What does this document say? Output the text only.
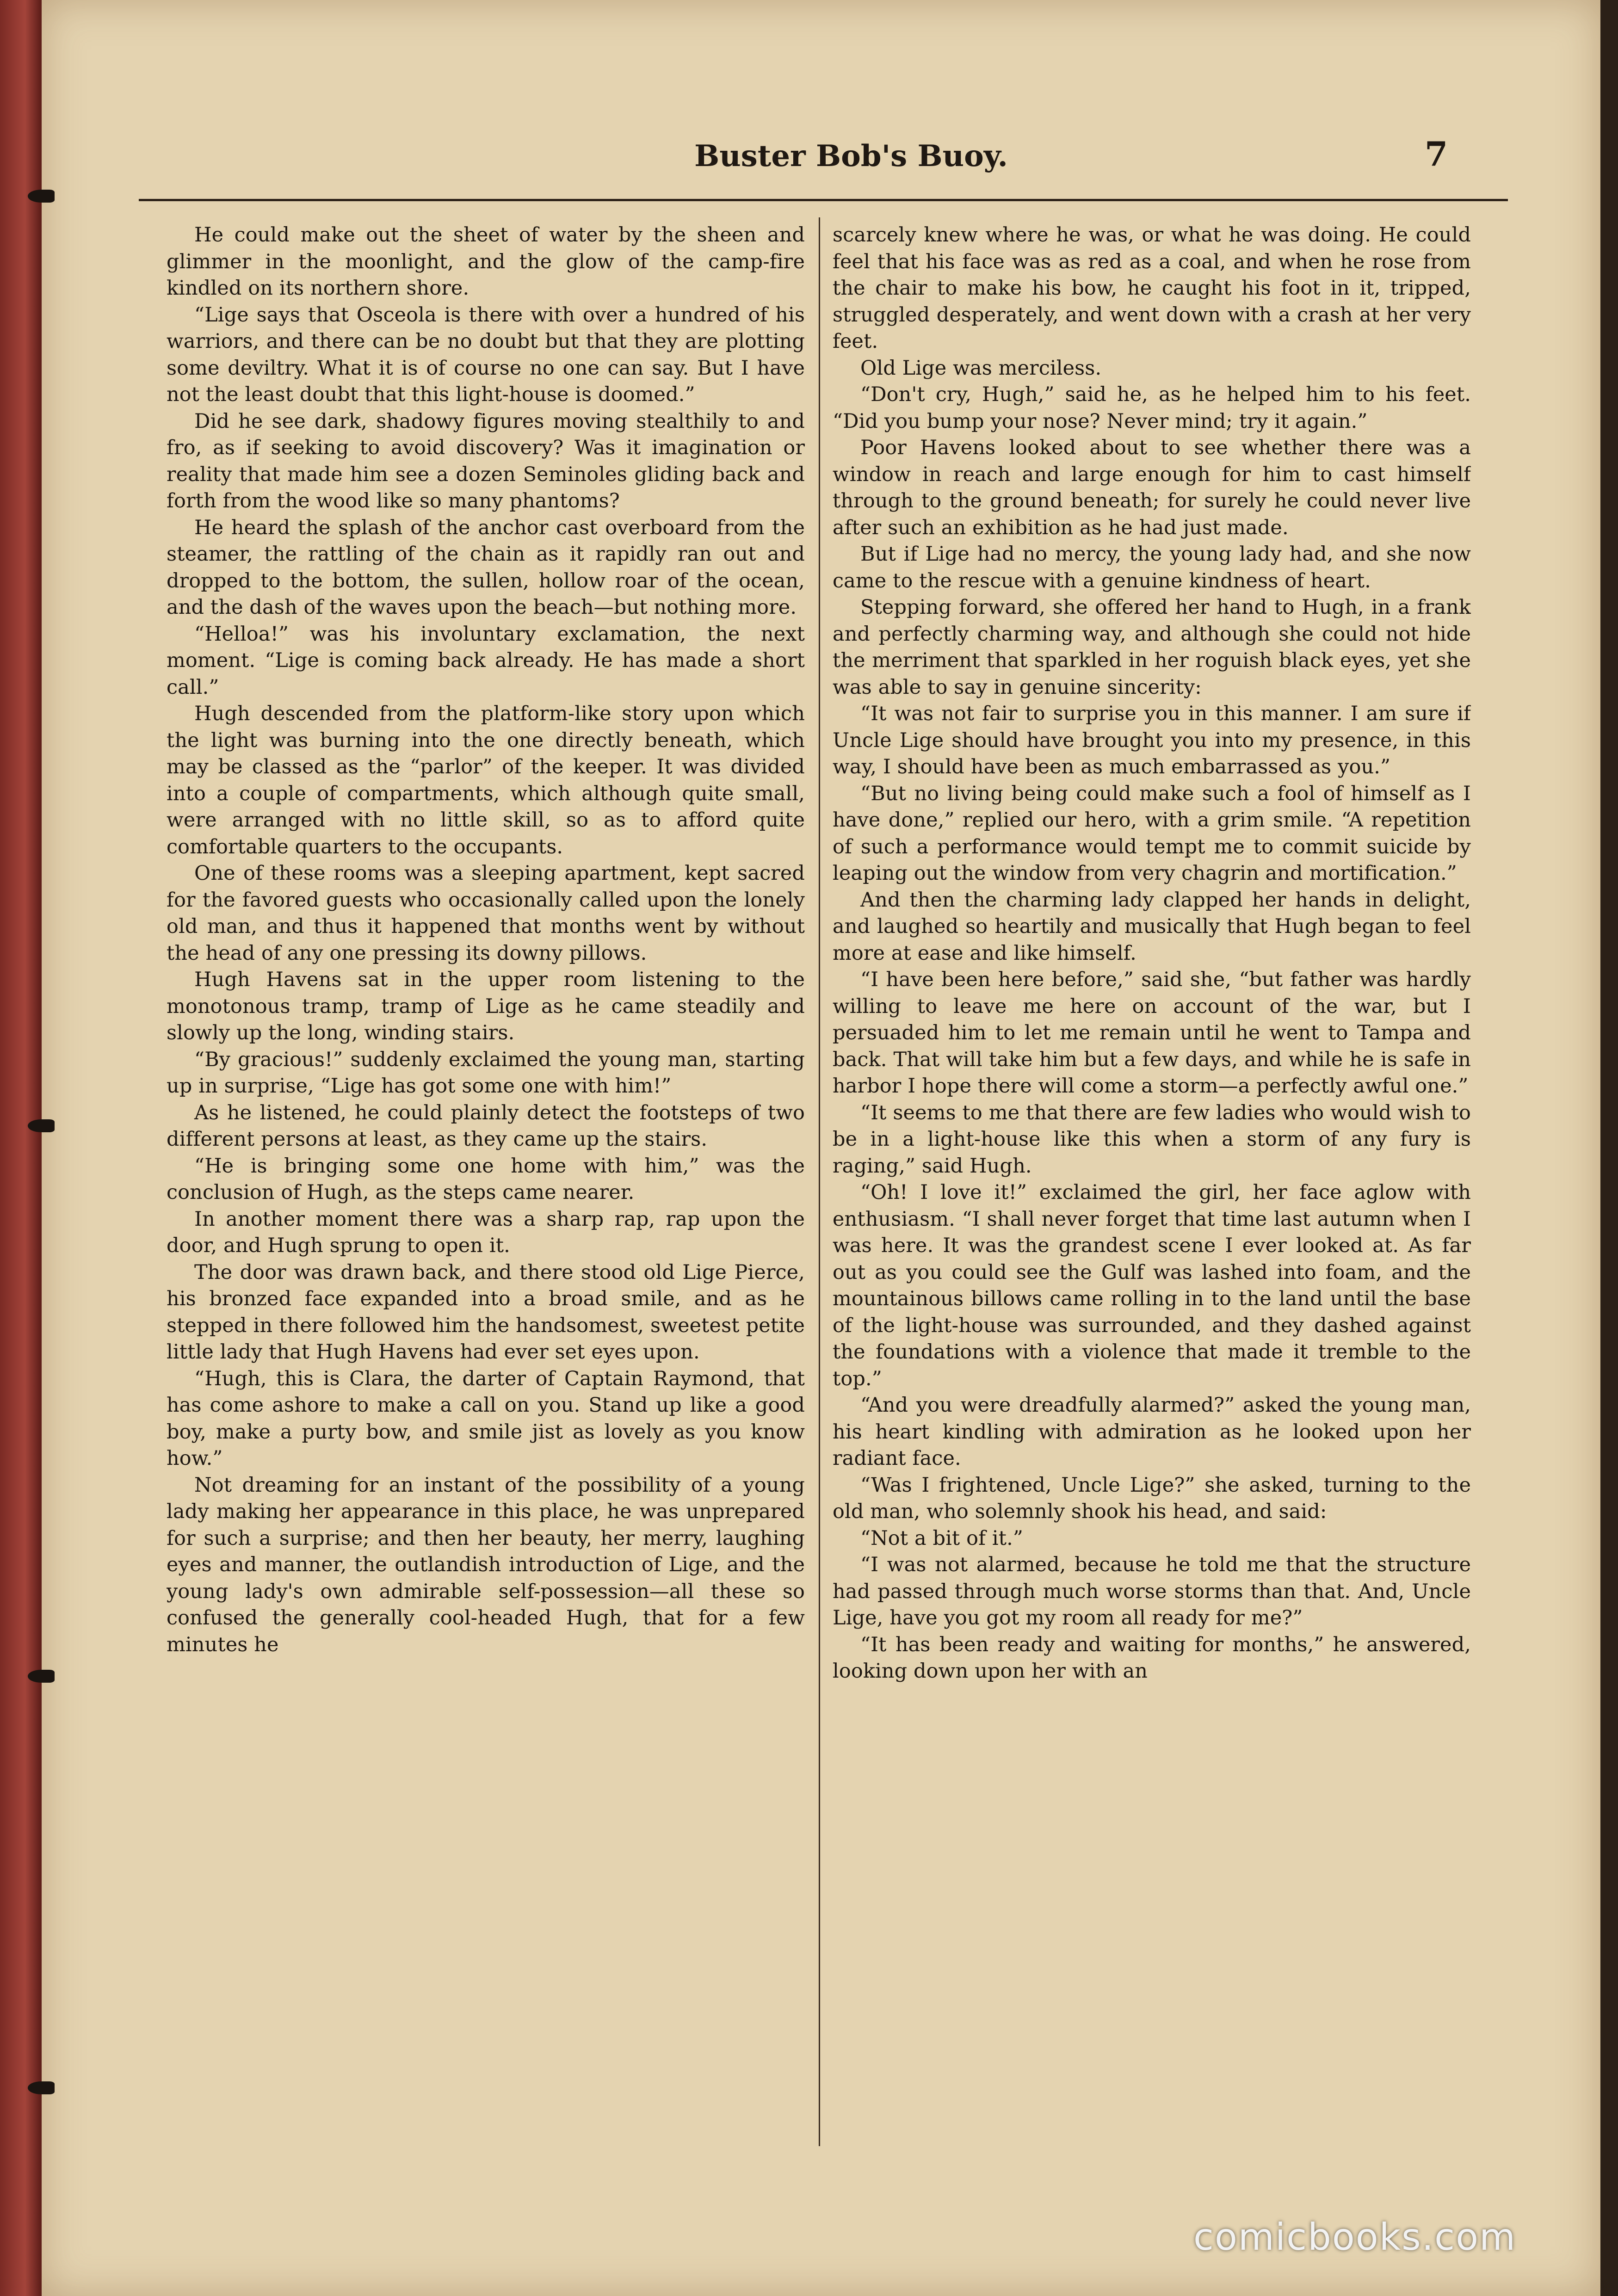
Buster Bob's Buoy.	7

He could make out the sheet of water by the sheen and glimmer in the moonlight, and the glow of the camp-fire kindled on its northern shore.

“Lige says that Osceola is there with over a hundred of his warriors, and there can be no doubt but that they are plotting some deviltry. What it is of course no one can say. But I have not the least doubt that this light-house is doomed.”

Did he see dark, shadowy figures moving stealthily to and fro, as if seeking to avoid discovery? Was it imagination or reality that made him see a dozen Seminoles gliding back and forth from the wood like so many phantoms?

He heard the splash of the anchor cast overboard from the steamer, the rattling of the chain as it rapidly ran out and dropped to the bottom, the sullen, hollow roar of the ocean, and the dash of the waves upon the beach—but nothing more.

“Helloa!” was his involuntary exclamation, the next moment. “Lige is coming back already. He has made a short call.”

Hugh descended from the platform-like story upon which the light was burning into the one directly beneath, which may be classed as the “parlor” of the keeper. It was divided into a couple of compartments, which although quite small, were arranged with no little skill, so as to afford quite comfortable quarters to the occupants.

One of these rooms was a sleeping apartment, kept sacred for the favored guests who occasionally called upon the lonely old man, and thus it happened that months went by without the head of any one pressing its downy pillows.

Hugh Havens sat in the upper room listening to the monotonous tramp, tramp of Lige as he came steadily and slowly up the long, winding stairs.

“By gracious!” suddenly exclaimed the young man, starting up in surprise, “Lige has got some one with him!”

As he listened, he could plainly detect the footsteps of two different persons at least, as they came up the stairs.

“He is bringing some one home with him,” was the conclusion of Hugh, as the steps came nearer.

In another moment there was a sharp rap, rap upon the door, and Hugh sprung to open it.

The door was drawn back, and there stood old Lige Pierce, his bronzed face expanded into a broad smile, and as he stepped in there followed him the handsomest, sweetest petite little lady that Hugh Havens had ever set eyes upon.

“Hugh, this is Clara, the darter of Captain Raymond, that has come ashore to make a call on you. Stand up like a good boy, make a purty bow, and smile jist as lovely as you know how.”

Not dreaming for an instant of the possibility of a young lady making her appearance in this place, he was unprepared for such a surprise; and then her beauty, her merry, laughing eyes and manner, the outlandish introduction of Lige, and the young lady's own admirable self-possession—all these so confused the generally cool-headed Hugh, that for a few minutes he

scarcely knew where he was, or what he was doing. He could feel that his face was as red as a coal, and when he rose from the chair to make his bow, he caught his foot in it, tripped, struggled desperately, and went down with a crash at her very feet.

Old Lige was merciless.

“Don't cry, Hugh,” said he, as he helped him to his feet. “Did you bump your nose? Never mind; try it again.”

Poor Havens looked about to see whether there was a window in reach and large enough for him to cast himself through to the ground beneath; for surely he could never live after such an exhibition as he had just made.

But if Lige had no mercy, the young lady had, and she now came to the rescue with a genuine kindness of heart.

Stepping forward, she offered her hand to Hugh, in a frank and perfectly charming way, and although she could not hide the merriment that sparkled in her roguish black eyes, yet she was able to say in genuine sincerity:

“It was not fair to surprise you in this manner. I am sure if Uncle Lige should have brought you into my presence, in this way, I should have been as much embarrassed as you.”

“But no living being could make such a fool of himself as I have done,” replied our hero, with a grim smile. “A repetition of such a performance would tempt me to commit suicide by leaping out the window from very chagrin and mortification.”

And then the charming lady clapped her hands in delight, and laughed so heartily and musically that Hugh began to feel more at ease and like himself.

“I have been here before,” said she, “but father was hardly willing to leave me here on account of the war, but I persuaded him to let me remain until he went to Tampa and back. That will take him but a few days, and while he is safe in harbor I hope there will come a storm—a perfectly awful one.”

“It seems to me that there are few ladies who would wish to be in a light-house like this when a storm of any fury is raging,” said Hugh.

“Oh! I love it!” exclaimed the girl, her face aglow with enthusiasm. “I shall never forget that time last autumn when I was here. It was the grandest scene I ever looked at. As far out as you could see the Gulf was lashed into foam, and the mountainous billows came rolling in to the land until the base of the light-house was surrounded, and they dashed against the foundations with a violence that made it tremble to the top.”

“And you were dreadfully alarmed?” asked the young man, his heart kindling with admiration as he looked upon her radiant face.

“Was I frightened, Uncle Lige?” she asked, turning to the old man, who solemnly shook his head, and said:

“Not a bit of it.”

“I was not alarmed, because he told me that the structure had passed through much worse storms than that. And, Uncle Lige, have you got my room all ready for me?”

“It has been ready and waiting for months,” he answered, looking down upon her with an

comicbooks.com
